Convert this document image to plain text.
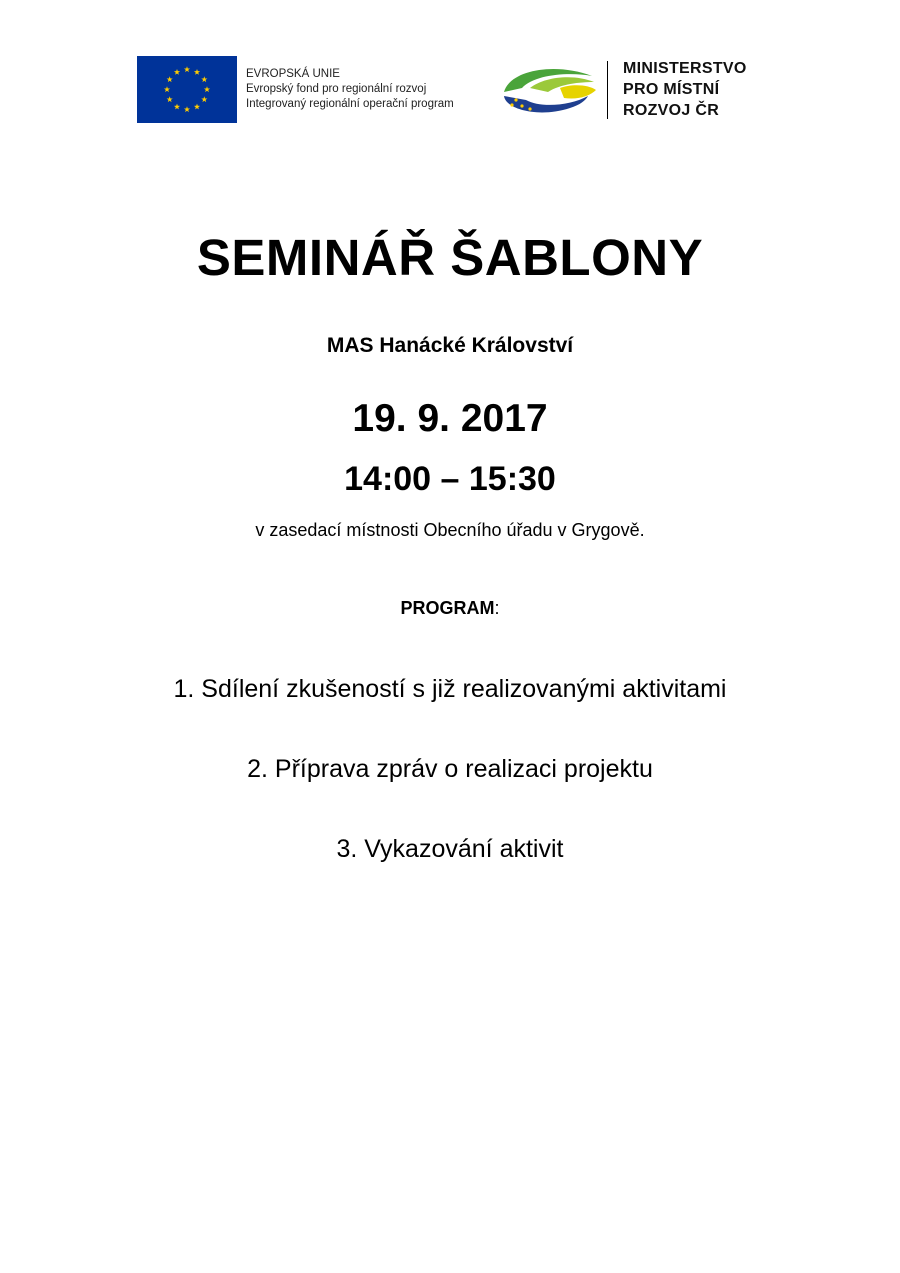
EVROPSKÁ UNIE
Evropský fond pro regionální rozvoj
Integrovaný regionální operační program
MINISTERSTVO
PRO MÍSTNÍ
ROZVOJ ČR
SEMINÁŘ ŠABLONY
MAS Hanácké Království
19. 9. 2017
14:00 – 15:30
v zasedací místnosti Obecního úřadu v Grygově.
PROGRAM:
1. Sdílení zkušeností s již realizovanými aktivitami
2. Příprava zpráv o realizaci projektu
3. Vykazování aktivit
